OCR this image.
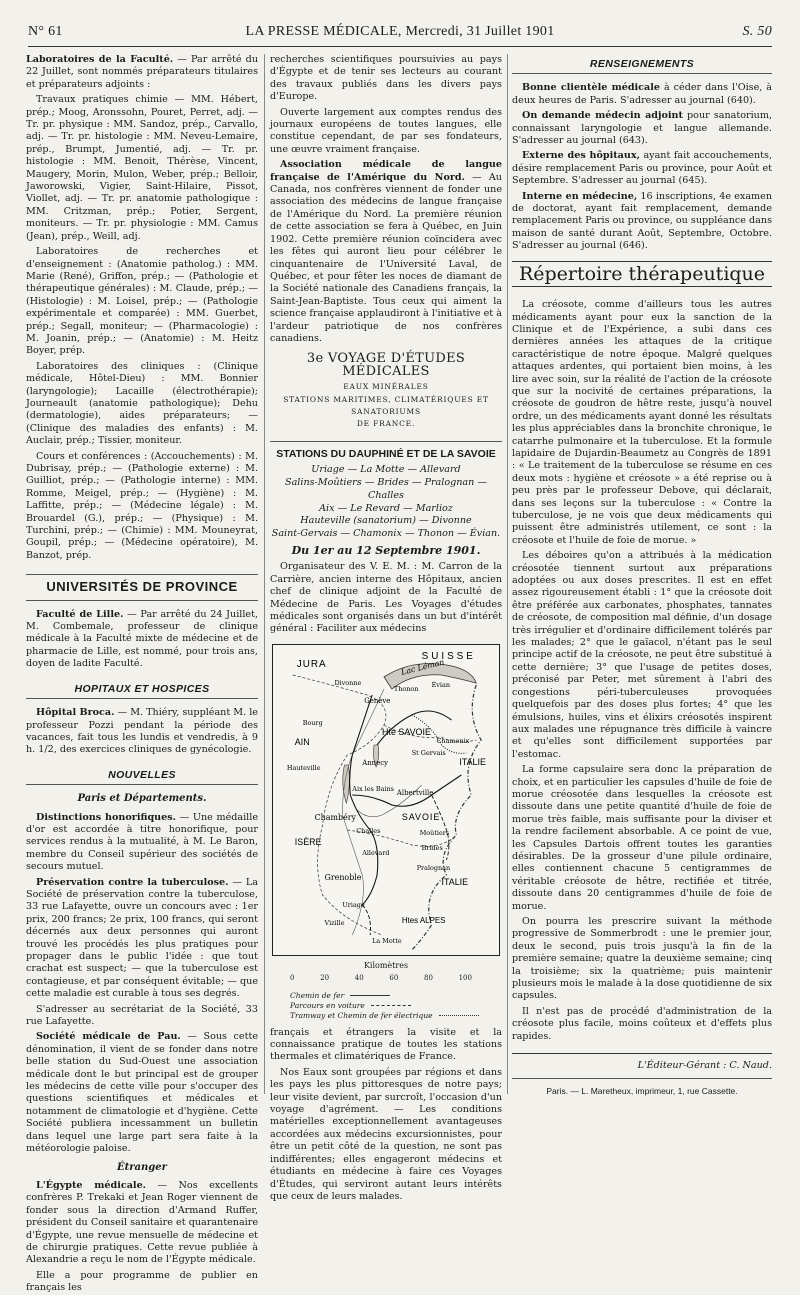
N° 61	LA PRESSE MÉDICALE, Mercredi, 31 Juillet 1901	S. 50

Laboratoires de la Faculté. — Par arrêté du 22 Juillet, sont nommés préparateurs titulaires et préparateurs adjoints :

Travaux pratiques chimie — MM. Hébert, prép.; Moog, Aronssohn, Pouret, Perret, adj. — Tr. pr. physique : MM. Sandoz, prép., Carvallo, adj. — Tr. pr. histologie : MM. Neveu-Lemaire, prép., Brumpt, Jumentié, adj. — Tr. pr. histologie : MM. Benoit, Thérèse, Vincent, Maugery, Morin, Mulon, Weber, prép.; Belloir, Jaworowski, Vigier, Saint-Hilaire, Pissot, Viollet, adj. — Tr. pr. anatomie pathologique : MM. Critzman, prép.; Potier, Sergent, moniteurs. — Tr. pr. physiologie : MM. Camus (Jean), prép., Weill, adj.

Laboratoires de recherches et d'enseignement : (Anatomie patholog.) : MM. Marie (René), Griffon, prép.; — (Pathologie et thérapeutique générales) : M. Claude, prép.; — (Histologie) : M. Loisel, prép.; — (Pathologie expérimentale et comparée) : MM. Guerbet, prép.; Segall, moniteur; — (Pharmacologie) : M. Joanin, prép.; — (Anatomie) : M. Heitz Boyer, prép.

Laboratoires des cliniques : (Clinique médicale, Hôtel-Dieu) : MM. Bonnier (laryngologie); Lacaille (électrothérapie); Journeault (anatomie pathologique); Dehu (dermatologie), aides préparateurs; — (Clinique des maladies des enfants) : M. Auclair, prép.; Tissier, moniteur.

Cours et conférences : (Accouchements) : M. Dubrisay, prép.; — (Pathologie externe) : M. Guilliot, prép.; — (Pathologie interne) : MM. Romme, Meigel, prép.; — (Hygiène) : M. Laffitte, prép.; — (Médecine légale) : M. Brouardel (G.), prép.; — (Physique) : M. Turchini, prép.; — (Chimie) : MM. Mouneyrat, Goupil, prép.; — (Médecine opératoire), M. Banzot, prép.

UNIVERSITÉS DE PROVINCE

Faculté de Lille. — Par arrêté du 24 Juillet, M. Combemale, professeur de clinique médicale à la Faculté mixte de médecine et de pharmacie de Lille, est nommé, pour trois ans, doyen de ladite Faculté.

HOPITAUX ET HOSPICES

Hôpital Broca. — M. Thiéry, suppléant M. le professeur Pozzi pendant la période des vacances, fait tous les lundis et vendredis, à 9 h. 1/2, des exercices cliniques de gynécologie.

NOUVELLES
Paris et Départements.

Distinctions honorifiques. — Une médaille d'or est accordée à titre honorifique, pour services rendus à la mutualité, à M. Le Baron, membre du Conseil supérieur des sociétés de secours mutuel.

Préservation contre la tuberculose. — La Société de préservation contre la tuberculose, 33 rue Lafayette, ouvre un concours avec : 1er prix, 200 francs; 2e prix, 100 francs, qui seront décernés aux deux personnes qui auront trouvé les procédés les plus pratiques pour propager dans le public l'idée : que tout crachat est suspect; — que la tuberculose est contagieuse, et par conséquent évitable; — que cette maladie est curable à tous ses degrés.

S'adresser au secrétariat de la Société, 33 rue Lafayette.

Société médicale de Pau. — Sous cette dénomination, il vient de se fonder dans notre belle station du Sud-Ouest une association médicale dont le but principal est de grouper les médecins de cette ville pour s'occuper des questions scientifiques et médicales et notamment de climatologie et d'hygiène. Cette Société publiera incessamment un bulletin dans lequel une large part sera faite à la météorologie paloise.

Étranger

L'Égypte médicale. — Nos excellents confrères P. Trekaki et Jean Roger viennent de fonder sous la direction d'Armand Ruffer, président du Conseil sanitaire et quarantenaire d'Égypte, une revue mensuelle de médecine et de chirurgie pratiques. Cette revue publiée à Alexandrie a reçu le nom de l'Égypte médicale.

Elle a pour programme de publier en français les

recherches scientifiques poursuivies au pays d'Égypte et de tenir ses lecteurs au courant des travaux publiés dans les divers pays d'Europe.

Ouverte largement aux comptes rendus des journaux européens de toutes langues, elle constitue cependant, de par ses fondateurs, une œuvre vraiment française.

Association médicale de langue française de l'Amérique du Nord. — Au Canada, nos confrères viennent de fonder une association des médecins de langue française de l'Amérique du Nord. La première réunion de cette association se fera à Québec, en Juin 1902. Cette première réunion coïncidera avec les fêtes qui auront lieu pour célébrer le cinquantenaire de l'Université Laval, de Québec, et pour fêter les noces de diamant de la Société nationale des Canadiens français, la Saint-Jean-Baptiste. Tous ceux qui aiment la science française applaudiront à l'initiative et à l'ardeur patriotique de nos confrères canadiens.

3e VOYAGE D'ÉTUDES MÉDICALES
EAUX MINÉRALES
STATIONS MARITIMES, CLIMATÉRIQUES ET SANATORIUMS
DE FRANCE.
STATIONS DU DAUPHINÉ ET DE LA SAVOIE
Uriage — La Motte — Allevard
Salins-Moûtiers — Brides — Pralognan — Challes
Aix — Le Revard — Marlioz
Hauteville (sanatorium) — Divonne
Saint-Gervais — Chamonix — Thonon — Évian.
Du 1er au 12 Septembre 1901.

Organisateur des V. E. M. : M. Carron de la Carrière, ancien interne des Hôpitaux, ancien chef de clinique adjoint de la Faculté de Médecine de Paris. Les Voyages d'études médicales sont organisés dans un but d'intérêt général : Faciliter aux médecins

SUISSE
JURA	Lac Léman
AIN
Hte SAVOIE
SAVOIE
ISÈRE
ITALIE
ITALIE
Htes ALPES
Chambéry
Grenoble
Annecy
Albertville
Aix les Bains
Genève
Thonon Évian
Chamonix
Divonne
Hauteville
Uriage
Allevard
Brides
Pralognan
Moûtiers
St Gervais
La Motte
Vizille
Bourg
Challes
Kilomètres
0	20	40	60	80	100
Chemin de fer
Parcours en voiture
Tramway et Chemin de fer électrique

français et étrangers la visite et la connaissance pratique de toutes les stations thermales et climatériques de France.

Nos Eaux sont groupées par régions et dans les pays les plus pittoresques de notre pays; leur visite devient, par surcroît, l'occasion d'un voyage d'agrément. — Les conditions matérielles exceptionnellement avantageuses accordées aux médecins excursionnistes, pour être un petit côté de la question, ne sont pas indifférentes; elles engageront médecins et étudiants en médecine à faire ces Voyages d'Études, qui serviront autant leurs intérêts que ceux de leurs malades.

RENSEIGNEMENTS

Bonne clientèle médicale à céder dans l'Oise, à deux heures de Paris. S'adresser au journal (640).

On demande médecin adjoint pour sanatorium, connaissant laryngologie et langue allemande. S'adresser au journal (643).

Externe des hôpitaux, ayant fait accouchements, désire remplacement Paris ou province, pour Août et Septembre. S'adresser au journal (645).

Interne en médecine, 16 inscriptions, 4e examen de doctorat, ayant fait remplacement, demande remplacement Paris ou province, ou suppléance dans maison de santé durant Août, Septembre, Octobre. S'adresser au journal (646).

Répertoire thérapeutique

La créosote, comme d'ailleurs tous les autres médicaments ayant pour eux la sanction de la Clinique et de l'Expérience, a subi dans ces dernières années les attaques de la critique caractéristique de notre époque. Malgré quelques attaques ardentes, qui portaient bien moins, à les lire avec soin, sur la réalité de l'action de la créosote que sur la nocivité de certaines préparations, la créosote de goudron de hêtre reste, jusqu'à nouvel ordre, un des médicaments ayant donné les résultats les plus appréciables dans la bronchite chronique, le catarrhe pulmonaire et la tuberculose. Et la formule lapidaire de Dujardin-Beaumetz au Congrès de 1891 : « Le traitement de la tuberculose se résume en ces deux mots : hygiène et créosote » a été reprise ou à peu près par le professeur Debove, qui déclarait, dans ses leçons sur la tuberculose : « Contre la tuberculose, je ne vois que deux médicaments qui puissent être administrés utilement, ce sont : la créosote et l'huile de foie de morue. »

Les déboires qu'on a attribués à la médication créosotée tiennent surtout aux préparations adoptées ou aux doses prescrites. Il est en effet assez rigoureusement établi : 1° que la créosote doit être préférée aux carbonates, phosphates, tannates de créosote, de composition mal définie, d'un dosage très irrégulier et d'ordinaire difficilement tolérés par les malades; 2° que le gaïacol, n'étant pas le seul principe actif de la créosote, ne peut être substitué à cette dernière; 3° que l'usage de petites doses, préconisé par Peter, met sûrement à l'abri des congestions péri-tuberculeuses provoquées quelquefois par des doses plus fortes; 4° que les émulsions, huiles, vins et élixirs créosotés inspirent aux malades une répugnance très difficile à vaincre et qu'elles sont difficilement supportées par l'estomac.

La forme capsulaire sera donc la préparation de choix, et en particulier les capsules d'huile de foie de morue créosotée dans lesquelles la créosote est dissoute dans une petite quantité d'huile de foie de morue très faible, mais suffisante pour la diviser et la rendre facilement absorbable. A ce point de vue, les Capsules Dartois offrent toutes les garanties désirables. De la grosseur d'une pilule ordinaire, elles contiennent chacune 5 centigrammes de véritable créosote de hêtre, rectifiée et titrée, dissoute dans 20 centigrammes d'huile de foie de morue.

On pourra les prescrire suivant la méthode progressive de Sommerbrodt : une le premier jour, deux le second, puis trois jusqu'à la fin de la première semaine; quatre la deuxième semaine; cinq la troisième; six la quatrième; puis maintenir plusieurs mois le malade à la dose quotidienne de six capsules.

Il n'est pas de procédé d'administration de la créosote plus facile, moins coûteux et d'effets plus rapides.

L'Éditeur-Gérant : C. Naud.
Paris. — L. Maretheux, imprimeur, 1, rue Cassette.
